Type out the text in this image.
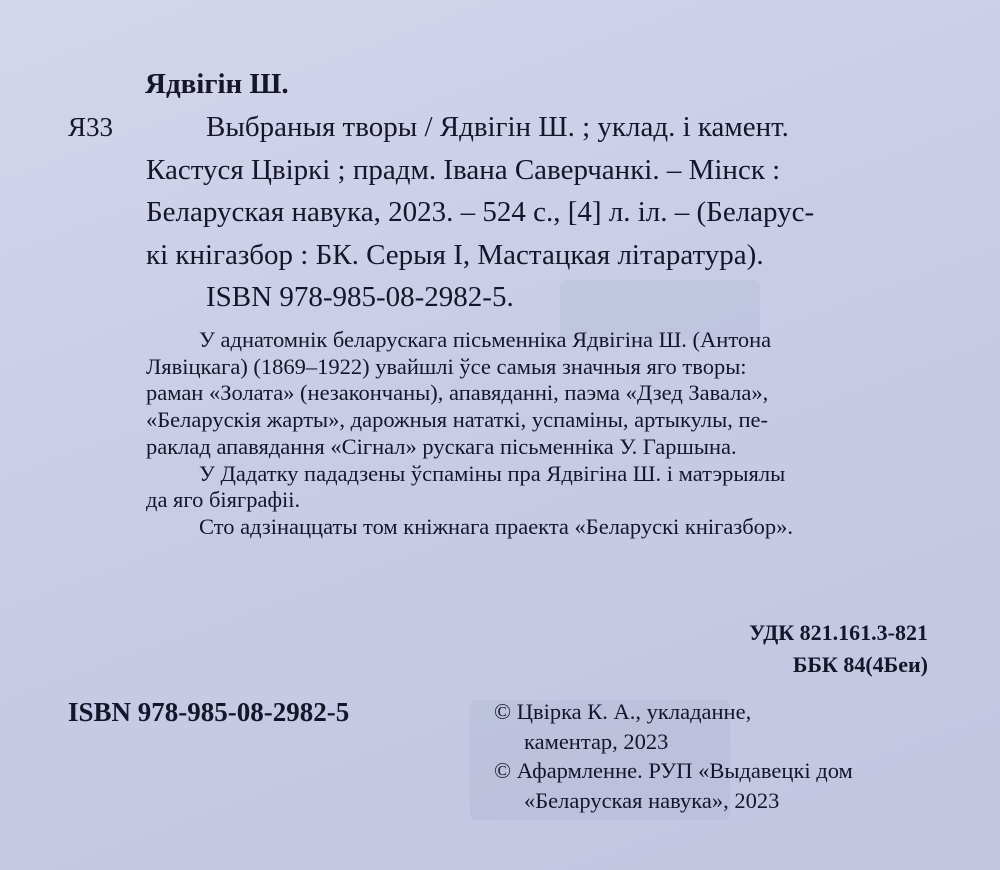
Ядвігін Ш.
Я33	Выбраныя творы / Ядвігін Ш. ; уклад. і камент.
Кастуся Цвіркі ; прадм. Івана Саверчанкі. – Мінск :
Беларуская навука, 2023. – 524 с., [4] л. іл. – (Беларус-
кі кнігазбор : БК. Серыя І, Мастацкая літаратура).
ISBN 978-985-08-2982-5.
У аднатомнік беларускага пісьменніка Ядвігіна Ш. (Антона
Лявіцкага) (1869–1922) увайшлі ўсе самыя значныя яго творы:
раман «Золата» (незакончаны), апавяданні, паэма «Дзед Завала»,
«Беларускія жарты», дарожныя нататкі, успаміны, артыкулы, пе-
раклад апавядання «Сігнал» рускага пісьменніка У. Гаршына.
У Дадатку пададзены ўспаміны пра Ядвігіна Ш. і матэрыялы
да яго біяграфіі.
Сто адзінаццаты том кніжнага праекта «Беларускі кнігазбор».
УДК 821.161.3-821
ББК 84(4Беи)
ISBN 978-985-08-2982-5	© Цвірка К. А., укладанне,
каментар, 2023
© Афармленне. РУП «Выдавецкі дом
«Беларуская навука», 2023
